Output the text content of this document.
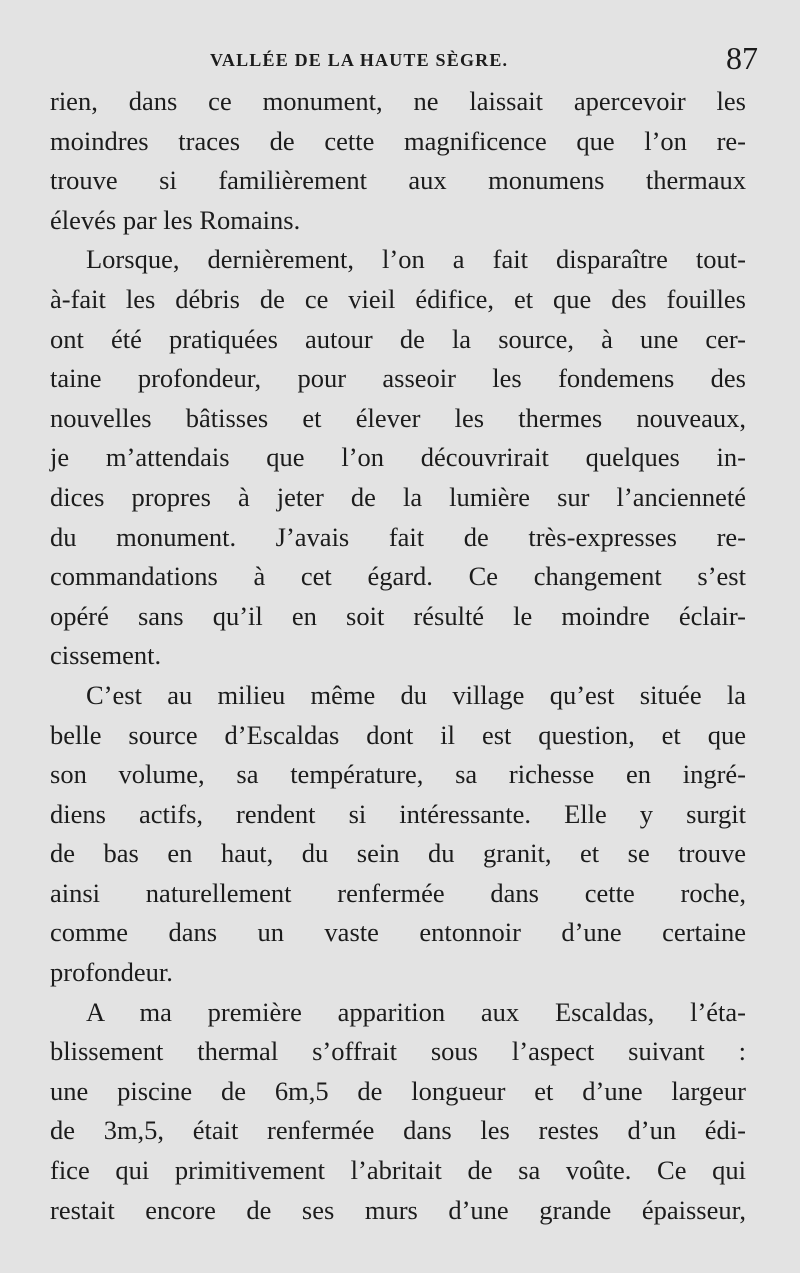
VALLÉE DE LA HAUTE SÈGRE.	87
rien, dans ce monument, ne laissait apercevoir les
moindres traces de cette magnificence que l’on re-
trouve si familièrement aux monumens thermaux
élevés par les Romains.
Lorsque, dernièrement, l’on a fait disparaître tout-
à-fait les débris de ce vieil édifice, et que des fouilles
ont été pratiquées autour de la source, à une cer-
taine profondeur, pour asseoir les fondemens des
nouvelles bâtisses et élever les thermes nouveaux,
je m’attendais que l’on découvrirait quelques in-
dices propres à jeter de la lumière sur l’ancienneté
du monument. J’avais fait de très-expresses re-
commandations à cet égard. Ce changement s’est
opéré sans qu’il en soit résulté le moindre éclair-
cissement.
C’est au milieu même du village qu’est située la
belle source d’Escaldas dont il est question, et que
son volume, sa température, sa richesse en ingré-
diens actifs, rendent si intéressante. Elle y surgit
de bas en haut, du sein du granit, et se trouve
ainsi naturellement renfermée dans cette roche,
comme dans un vaste entonnoir d’une certaine
profondeur.
A ma première apparition aux Escaldas, l’éta-
blissement thermal s’offrait sous l’aspect suivant :
une piscine de 6m,5 de longueur et d’une largeur
de 3m,5, était renfermée dans les restes d’un édi-
fice qui primitivement l’abritait de sa voûte. Ce qui
restait encore de ses murs d’une grande épaisseur,
